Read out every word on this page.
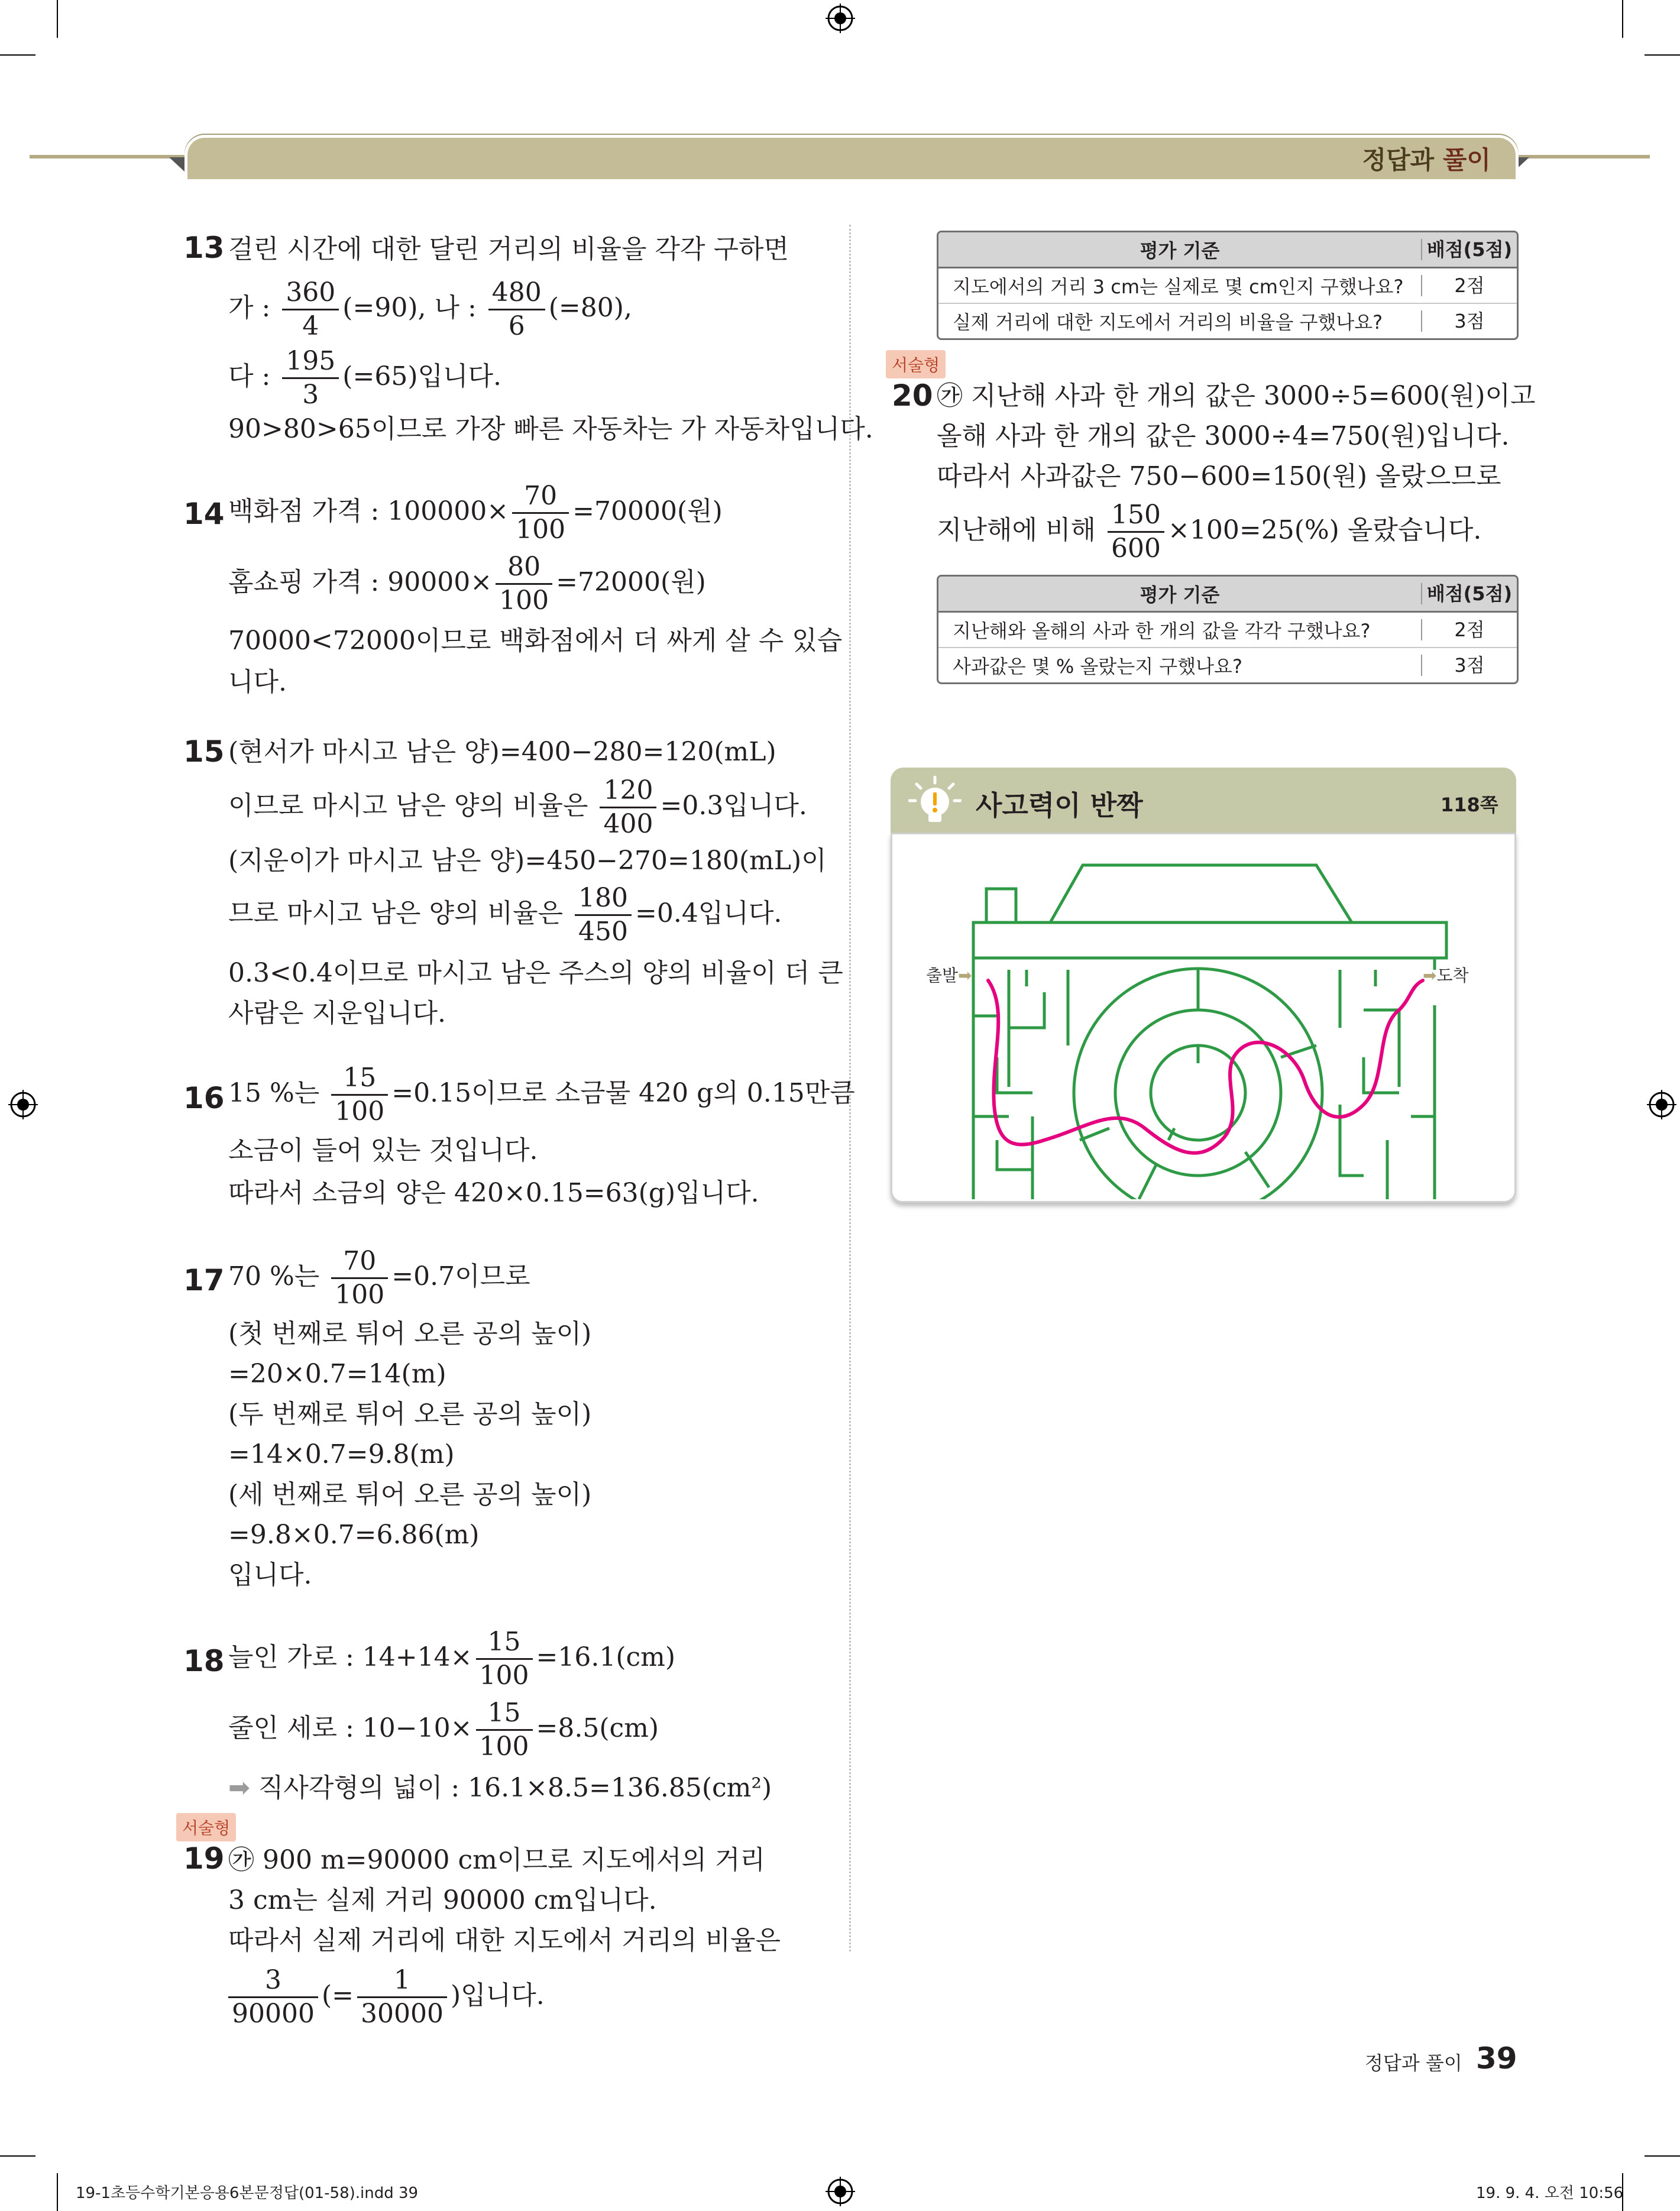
정답과 풀이
13 걸린 시간에 대한 달린 거리의 비율을 각각 구하면
가 : $\frac{360}{4} (=90)$, 나 : $\frac{480}{6} (=80)$,
다 : $\frac{195}{3} (=65)$입니다.
90>80>65이므로 가장 빠른 자동차는 가 자동차입니다.
14 백화점 가격 : $100000\times \frac{70}{100} =70000$(원)
홈쇼핑 가격 : $90000\times \frac{80}{100} =72000$(원)
70000<72000이므로 백화점에서 더 싸게 살 수 있습
니다.
15 (현서가 마시고 남은 양)=400−280=120(mL)
이므로 마시고 남은 양의 비율은 $\frac{120}{400} =0.3$입니다.
(지운이가 마시고 남은 양)=450−270=180(mL)이
므로 마시고 남은 양의 비율은 $\frac{180}{450} =0.4$입니다.
0.3<0.4이므로 마시고 남은 주스의 양의 비율이 더 큰
사람은 지운입니다.
16 15 %는 $\frac{15}{100} =0.15$이므로 소금물 420 g의 0.15만큼
소금이 들어 있는 것입니다.
따라서 소금의 양은 420×0.15=63(g)입니다.
17 70 %는 $\frac{70}{100} =0.7$이므로
(첫 번째로 튀어 오른 공의 높이)
=20×0.7=14(m)
(두 번째로 튀어 오른 공의 높이)
=14×0.7=9.8(m)
(세 번째로 튀어 오른 공의 높이)
=9.8×0.7=6.86(m)
입니다.
18 늘인 가로 : $14+14\times \frac{15}{100} =16.1(cm)$
줄인 세로 : $10-10\times \frac{15}{100} =8.5(cm)$
➡ 직사각형의 넓이 : 16.1×8.5=136.85(cm²)
서술형
19 ㉮ 900 m=90000 cm이므로 지도에서의 거리
3 cm는 실제 거리 90000 cm입니다.
따라서 실제 거리에 대한 지도에서 거리의 비율은
$\frac{3}{90000}$ (= $\frac{1}{30000}$ )입니다.
평가 기준	배점(5점)
지도에서의 거리 3 cm는 실제로 몇 cm인지 구했나요?	2점
실제 거리에 대한 지도에서 거리의 비율을 구했나요?	3점
서술형
20 ㉮ 지난해 사과 한 개의 값은 3000÷5=600(원)이고
올해 사과 한 개의 값은 3000÷4=750(원)입니다.
따라서 사과값은 750−600=150(원) 올랐으므로
지난해에 비해 $\frac{150}{600} \times 100=25(\%)$ 올랐습니다.
평가 기준	배점(5점)
지난해와 올해의 사과 한 개의 값을 각각 구했나요?	2점
사과값은 몇 % 올랐는지 구했나요?	3점
사고력이 반짝	118쪽
출발➡	➡도착
정답과 풀이 39
19-1초등수학기본응용6본문정답(01-58).indd 39	19. 9. 4. 오전 10:56
